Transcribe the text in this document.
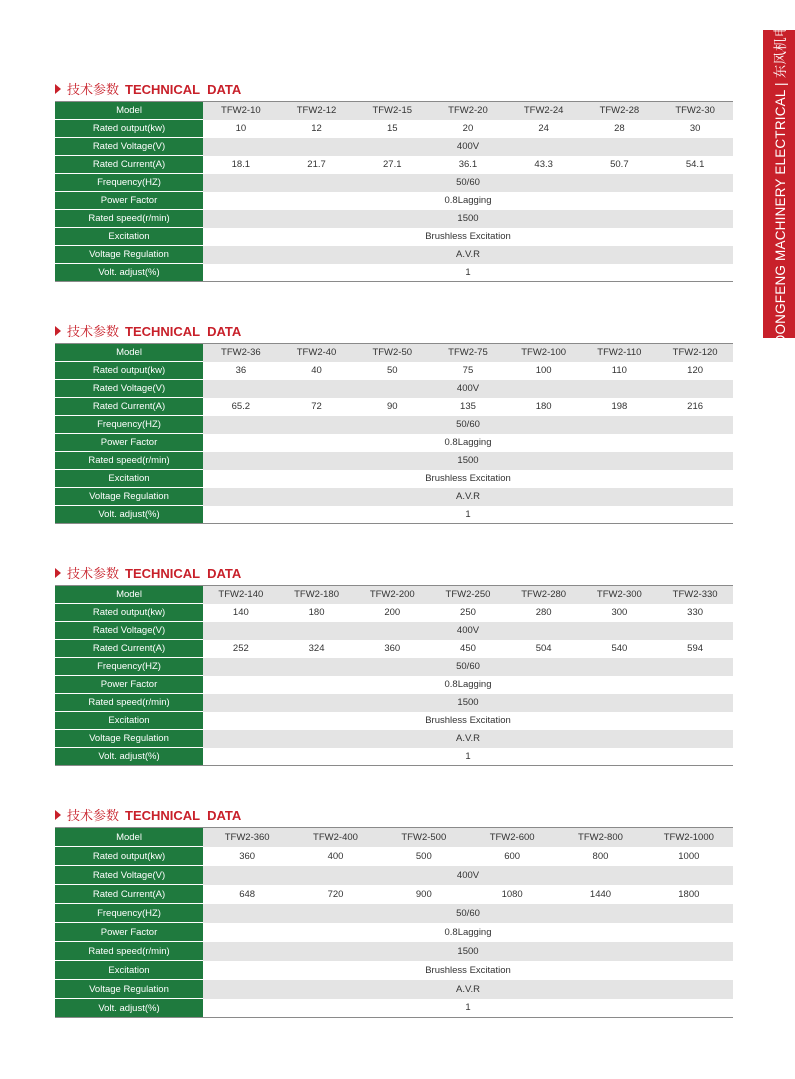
DONGFENG MACHINERY ELECTRICAL | 东风机电
技术参数 TECHNICAL  DATA
Model	TFW2-10	TFW2-12	TFW2-15	TFW2-20	TFW2-24	TFW2-28	TFW2-30
Rated output(kw)	10	12	15	20	24	28	30
Rated Voltage(V)	400V						
Rated Current(A)	18.1	21.7	27.1	36.1	43.3	50.7	54.1
Frequency(HZ)	50/60						
Power Factor	0.8Lagging						
Rated speed(r/min)	1500						
Excitation	Brushless Excitation						
Voltage Regulation	A.V.R						
Volt. adjust(%)	1						
技术参数 TECHNICAL  DATA
Model	TFW2-36	TFW2-40	TFW2-50	TFW2-75	TFW2-100	TFW2-110	TFW2-120
Rated output(kw)	36	40	50	75	100	110	120
Rated Voltage(V)	400V						
Rated Current(A)	65.2	72	90	135	180	198	216
Frequency(HZ)	50/60						
Power Factor	0.8Lagging						
Rated speed(r/min)	1500						
Excitation	Brushless Excitation						
Voltage Regulation	A.V.R						
Volt. adjust(%)	1						
技术参数 TECHNICAL  DATA
Model	TFW2-140	TFW2-180	TFW2-200	TFW2-250	TFW2-280	TFW2-300	TFW2-330
Rated output(kw)	140	180	200	250	280	300	330
Rated Voltage(V)	400V						
Rated Current(A)	252	324	360	450	504	540	594
Frequency(HZ)	50/60						
Power Factor	0.8Lagging						
Rated speed(r/min)	1500						
Excitation	Brushless Excitation						
Voltage Regulation	A.V.R						
Volt. adjust(%)	1						
技术参数 TECHNICAL  DATA
Model	TFW2-360	TFW2-400	TFW2-500	TFW2-600	TFW2-800	TFW2-1000
Rated output(kw)	360	400	500	600	800	1000
Rated Voltage(V)	400V					
Rated Current(A)	648	720	900	1080	1440	1800
Frequency(HZ)	50/60					
Power Factor	0.8Lagging					
Rated speed(r/min)	1500					
Excitation	Brushless Excitation					
Voltage Regulation	A.V.R					
Volt. adjust(%)	1					
